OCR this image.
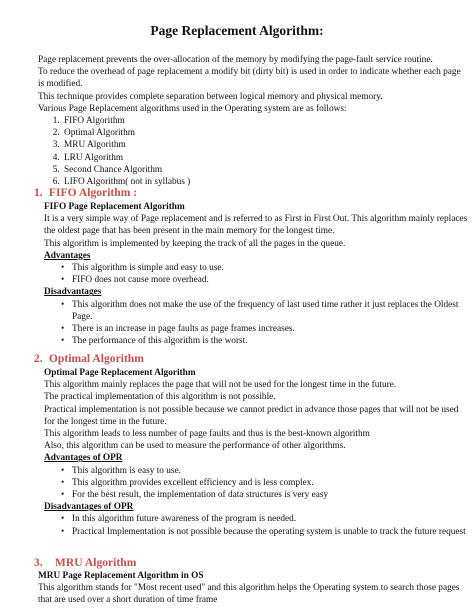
Page Replacement Algorithm:

Page replacement prevents the over-allocation of the memory by modifying the page-fault service routine.

To reduce the overhead of page replacement a modify bit (dirty bit) is used in order to indicate whether each page is modified.

This technique provides complete separation between logical memory and physical memory.

Various Page Replacement algorithms used in the Operating system are as follows:

1. FIFO Algorithm
2. Optimal Algorithm
3. MRU Algorithm
4. LRU Algorithm
5. Second Chance Algorithm
6. LIFO Algorithm( not in syllabus )
1. FIFO Algorithm :

FIFO Page Replacement Algorithm

It is a very simple way of Page replacement and is referred to as First in First Out. This algorithm mainly replaces the oldest page that has been present in the main memory for the longest time.

This algorithm is implemented by keeping the track of all the pages in the queue.

Advantages

• This algorithm is simple and easy to use.
• FIFO does not cause more overhead.

Disadvantages

• This algorithm does not make the use of the frequency of last used time rather it just replaces the Oldest Page.
• There is an increase in page faults as page frames increases.
• The performance of this algorithm is the worst.
2. Optimal Algorithm

Optimal Page Replacement Algorithm

This algorithm mainly replaces the page that will not be used for the longest time in the future.

The practical implementation of this algorithm is not possible.

Practical implementation is not possible because we cannot predict in advance those pages that will not be used for the longest time in the future.

This algorithm leads to less number of page faults and thus is the best-known algorithm

Also, this algorithm can be used to measure the performance of other algorithms.

Advantages of OPR

• This algorithm is easy to use.
• This algorithm provides excellent efficiency and is less complex.
• For the best result, the implementation of data structures is very easy

Disadvantages of OPR

• In this algorithm future awareness of the program is needed.
• Practical Implementation is not possible because the operating system is unable to track the future request
3. MRU Algorithm

MRU Page Replacement Algorithm in OS

This algorithm stands for "Most recent used" and this algorithm helps the Operating system to search those pages that are used over a short duration of time frame
